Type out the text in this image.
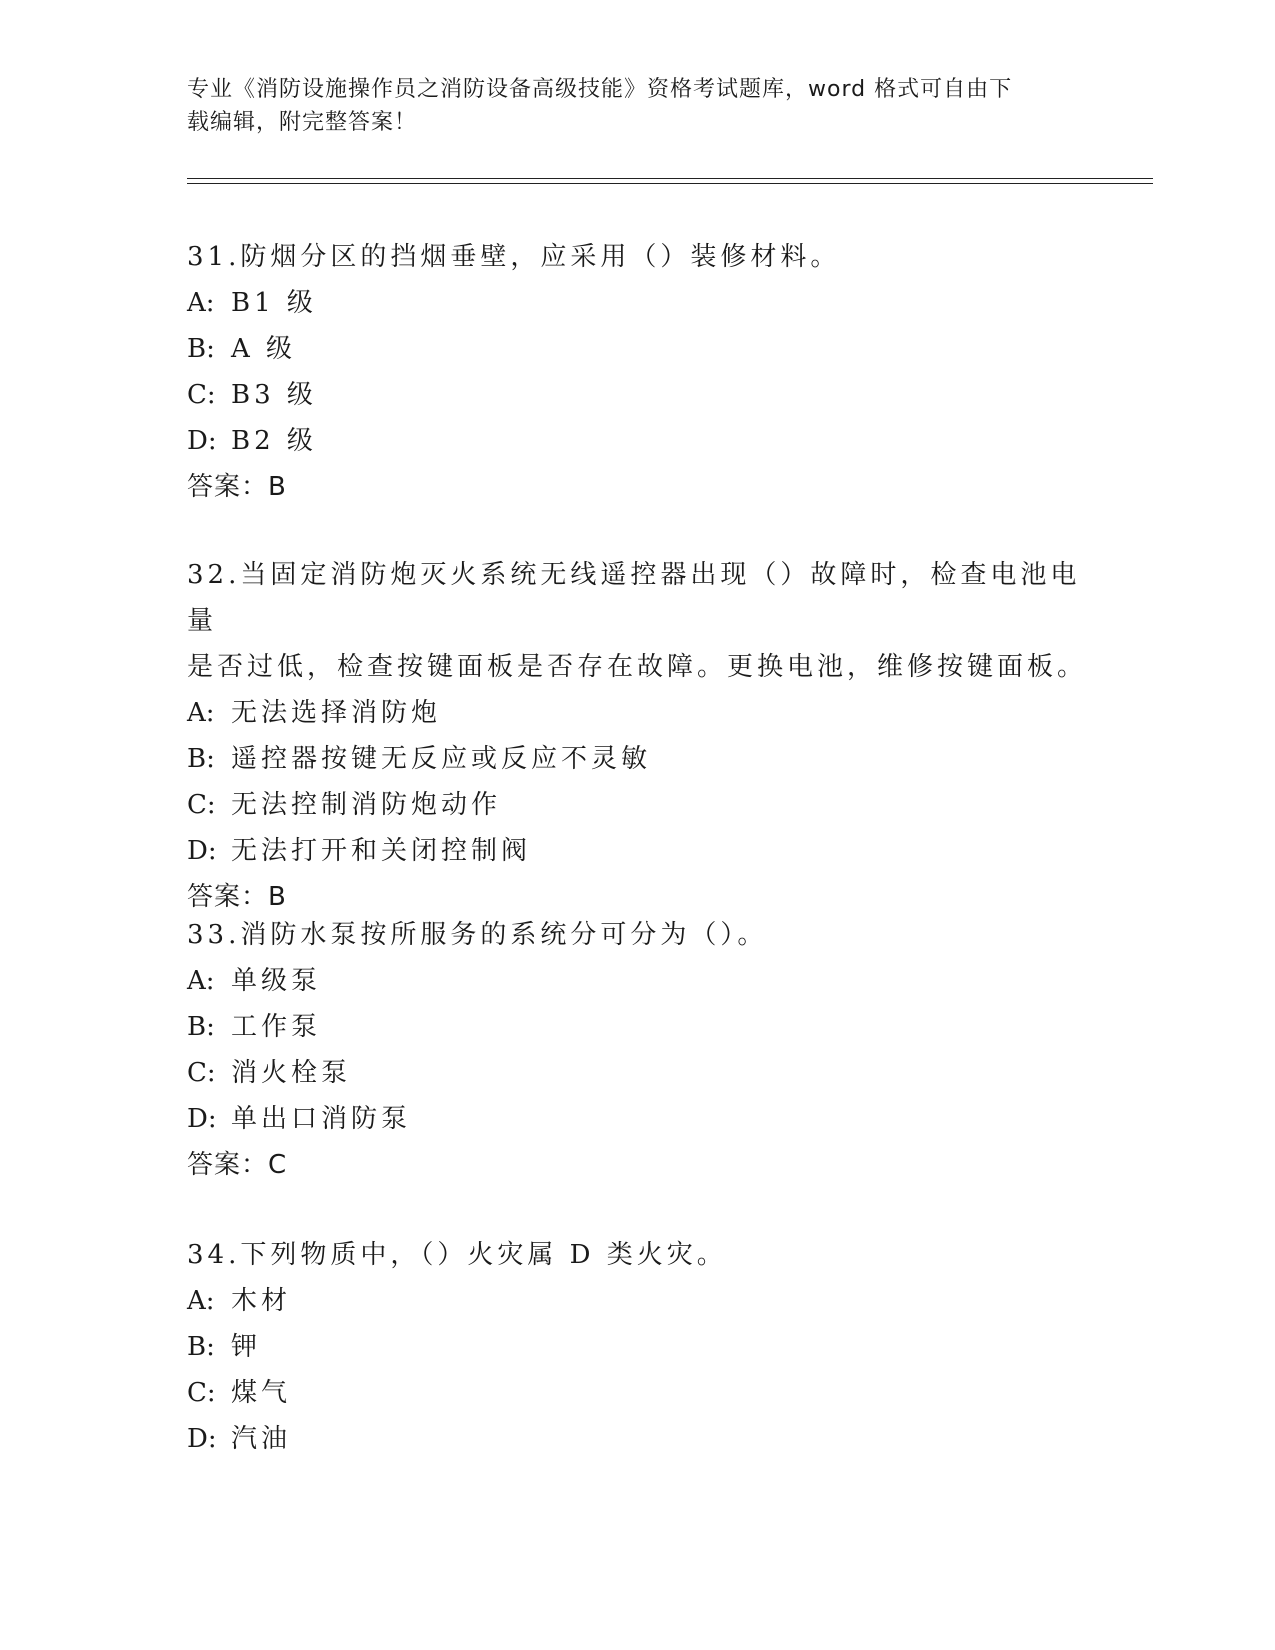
专业《消防设施操作员之消防设备高级技能》资格考试题库，word 格式可自由下
载编辑，附完整答案！
31.防烟分区的挡烟垂壁，应采用（）装修材料。
A: B1 级
B: A 级
C: B3 级
D: B2 级
答案：B
32.当固定消防炮灭火系统无线遥控器出现（）故障时，检查电池电量
是否过低，检查按键面板是否存在故障。更换电池，维修按键面板。
A: 无法选择消防炮
B: 遥控器按键无反应或反应不灵敏
C: 无法控制消防炮动作
D: 无法打开和关闭控制阀
答案：B
33.消防水泵按所服务的系统分可分为（）。
A: 单级泵
B: 工作泵
C: 消火栓泵
D: 单出口消防泵
答案：C
34.下列物质中，（）火灾属 D 类火灾。
A: 木材
B: 钾
C: 煤气
D: 汽油
